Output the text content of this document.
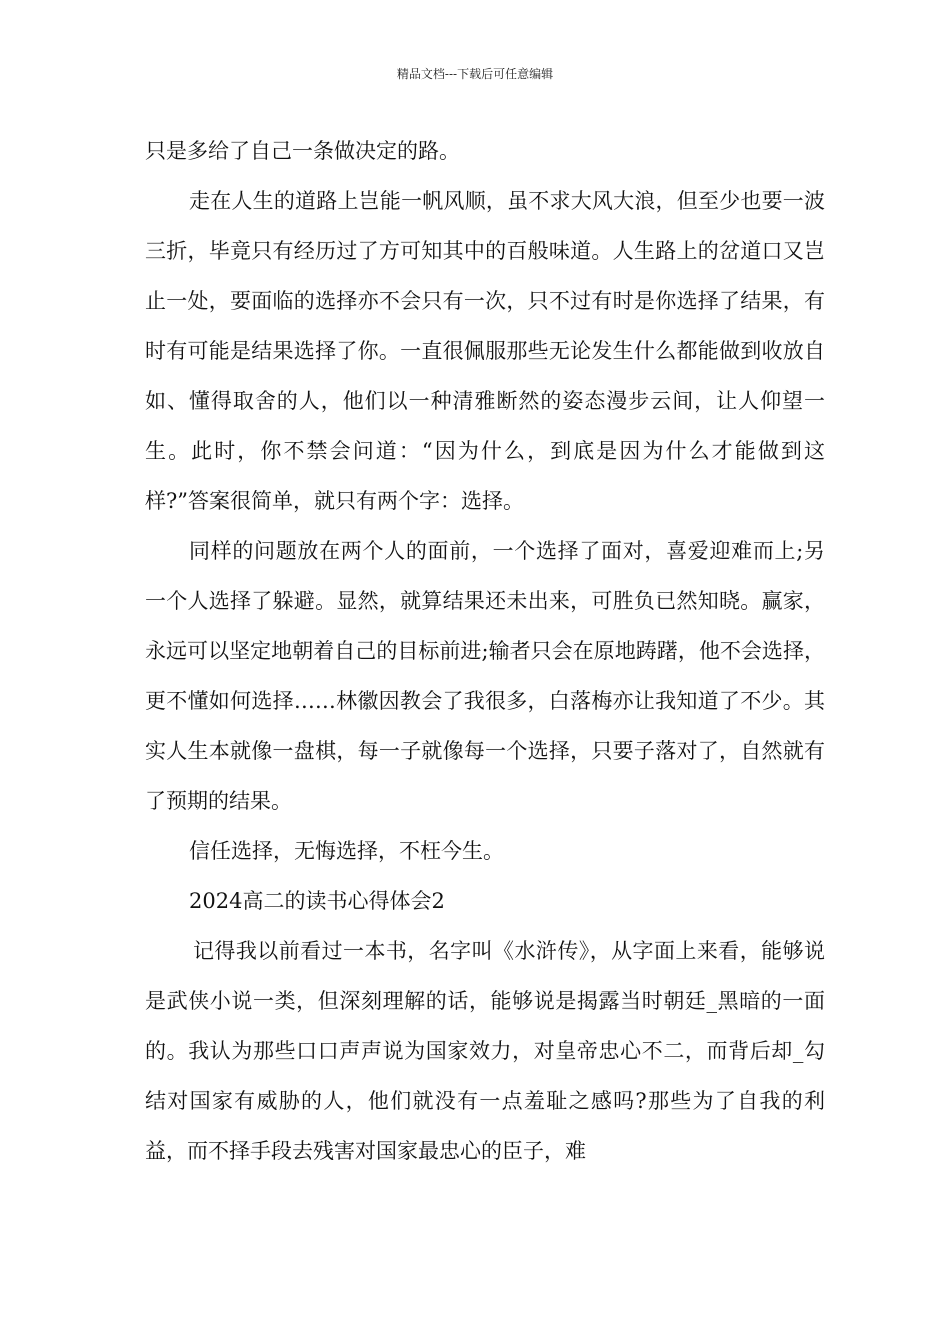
精品文档---下载后可任意编辑

只是多给了自己一条做决定的路。

走在人生的道路上岂能一帆风顺，虽不求大风大浪，但至少也要一波三折，毕竟只有经历过了方可知其中的百般味道。人生路上的岔道口又岂止一处，要面临的选择亦不会只有一次，只不过有时是你选择了结果，有时有可能是结果选择了你。一直很佩服那些无论发生什么都能做到收放自如、懂得取舍的人，他们以一种清雅断然的姿态漫步云间，让人仰望一生。此时，你不禁会问道：“因为什么，到底是因为什么才能做到这样?”答案很简单，就只有两个字：选择。

同样的问题放在两个人的面前，一个选择了面对，喜爱迎难而上;另一个人选择了躲避。显然，就算结果还未出来，可胜负已然知晓。赢家，永远可以坚定地朝着自己的目标前进;输者只会在原地踌躇，他不会选择，更不懂如何选择……林徽因教会了我很多，白落梅亦让我知道了不少。其实人生本就像一盘棋，每一子就像每一个选择，只要子落对了，自然就有了预期的结果。

信任选择，无悔选择，不枉今生。

2024高二的读书心得体会2

记得我以前看过一本书，名字叫《水浒传》，从字面上来看，能够说是武侠小说一类，但深刻理解的话，能够说是揭露当时朝廷_黑暗的一面的。我认为那些口口声声说为国家效力，对皇帝忠心不二，而背后却_勾结对国家有威胁的人，他们就没有一点羞耻之感吗?那些为了自我的利益，而不择手段去残害对国家最忠心的臣子，难
